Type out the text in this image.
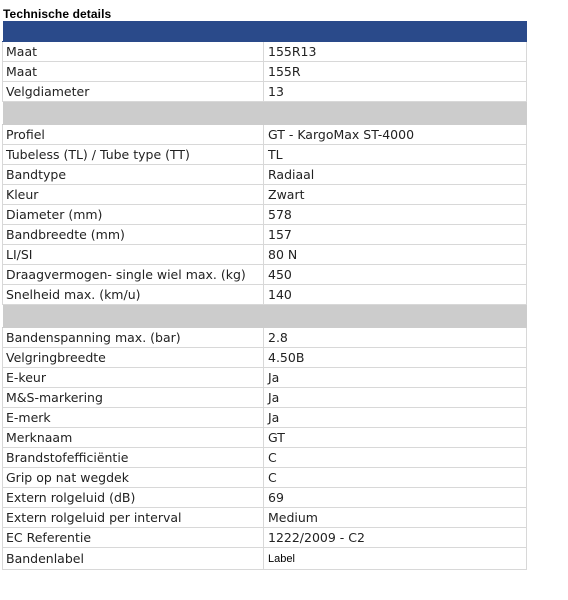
Technische details

Maat	155R13
Maat	155R
Velgdiameter	13

Profiel	GT - KargoMax ST-4000
Tubeless (TL) / Tube type (TT)	TL
Bandtype	Radiaal
Kleur	Zwart
Diameter (mm)	578
Bandbreedte (mm)	157
LI/SI	80 N
Draagvermogen- single wiel max. (kg)	450
Snelheid max. (km/u)	140

Bandenspanning max. (bar)	2.8
Velgringbreedte	4.50B
E-keur	Ja
M&S-markering	Ja
E-merk	Ja
Merknaam	GT
Brandstofefficiëntie	C
Grip op nat wegdek	C
Extern rolgeluid (dB)	69
Extern rolgeluid per interval	Medium
EC Referentie	1222/2009 - C2
Bandenlabel	Label
